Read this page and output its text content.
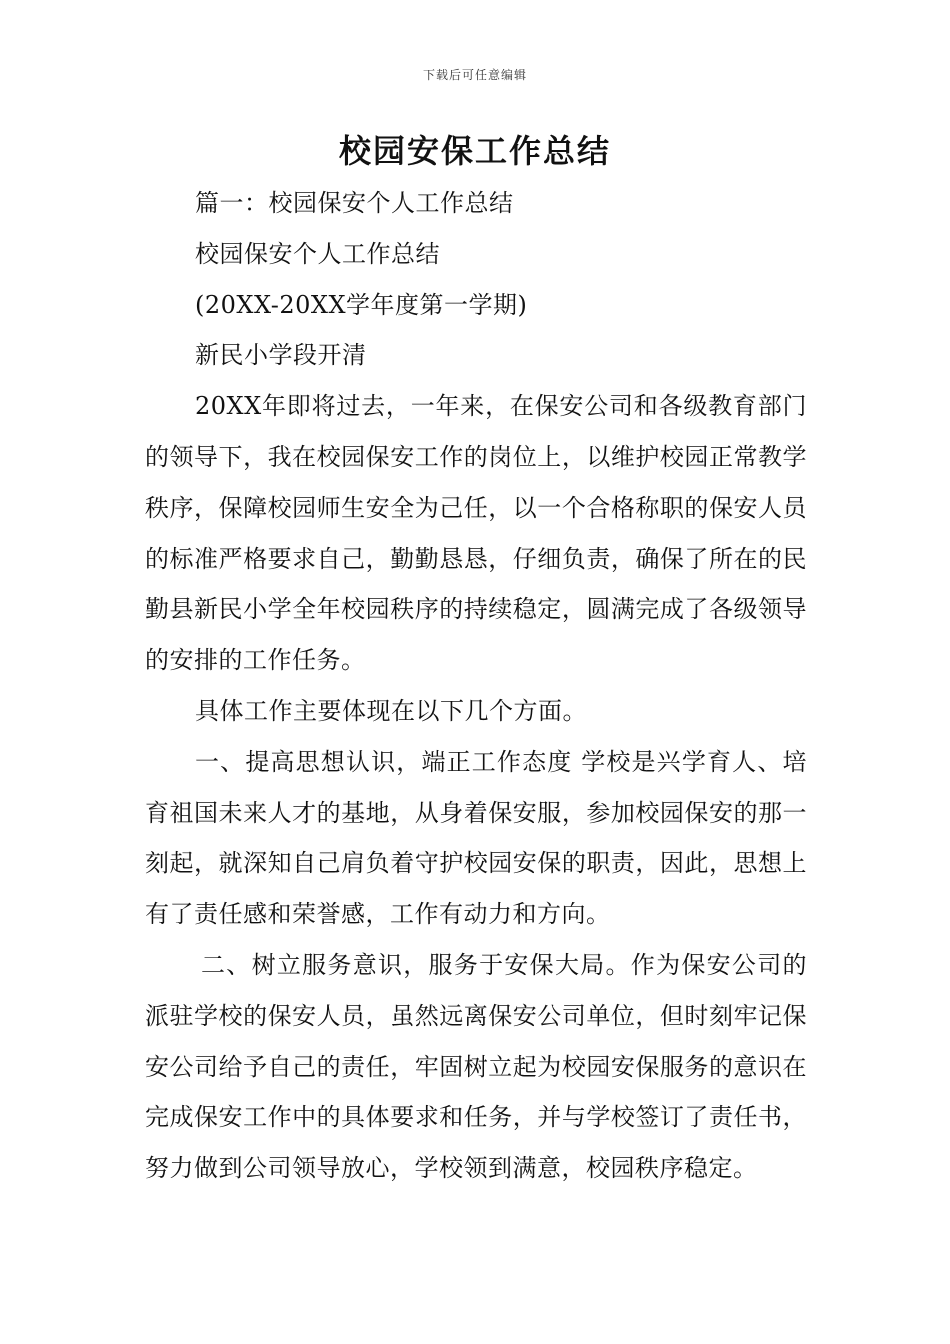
下载后可任意编辑
校园安保工作总结

篇一：校园保安个人工作总结

校园保安个人工作总结

(20XX-20XX学年度第一学期)

新民小学段开清

20XX年即将过去，一年来，在保安公司和各级教育部门的领导下，我在校园保安工作的岗位上，以维护校园正常教学秩序，保障校园师生安全为己任，以一个合格称职的保安人员的标准严格要求自己，勤勤恳恳，仔细负责，确保了所在的民勤县新民小学全年校园秩序的持续稳定，圆满完成了各级领导的安排的工作任务。

具体工作主要体现在以下几个方面。

一、提高思想认识，端正工作态度 学校是兴学育人、培育祖国未来人才的基地，从身着保安服，参加校园保安的那一刻起，就深知自己肩负着守护校园安保的职责，因此，思想上有了责任感和荣誉感，工作有动力和方向。

二、树立服务意识，服务于安保大局。作为保安公司的派驻学校的保安人员，虽然远离保安公司单位，但时刻牢记保安公司给予自己的责任，牢固树立起为校园安保服务的意识在完成保安工作中的具体要求和任务，并与学校签订了责任书，努力做到公司领导放心，学校领到满意，校园秩序稳定。
